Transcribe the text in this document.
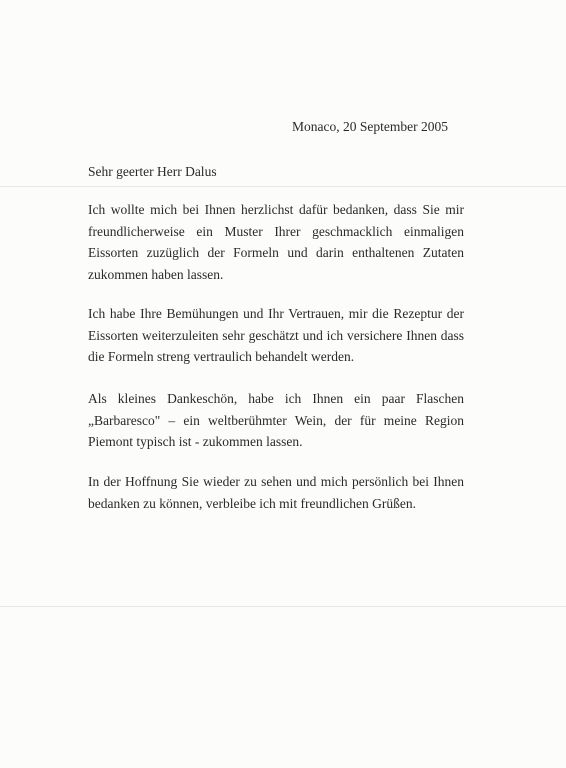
Monaco, 20 September 2005
Sehr geerter Herr Dalus

Ich wollte mich bei Ihnen herzlichst dafür bedanken, dass Sie mir freundlicherweise ein Muster Ihrer geschmacklich einmaligen Eissorten zuzüglich der Formeln und darin enthaltenen Zutaten zukommen haben lassen.

Ich habe Ihre Bemühungen und Ihr Vertrauen, mir die Rezeptur der Eissorten weiterzuleiten sehr geschätzt und ich versichere Ihnen dass die Formeln streng vertraulich behandelt werden.

Als kleines Dankeschön, habe ich Ihnen ein paar Flaschen „Barbaresco" – ein weltberühmter Wein, der für meine Region Piemont typisch ist - zukommen lassen.

In der Hoffnung Sie wieder zu sehen und mich persönlich bei Ihnen bedanken zu können, verbleibe ich mit freundlichen Grüßen.
